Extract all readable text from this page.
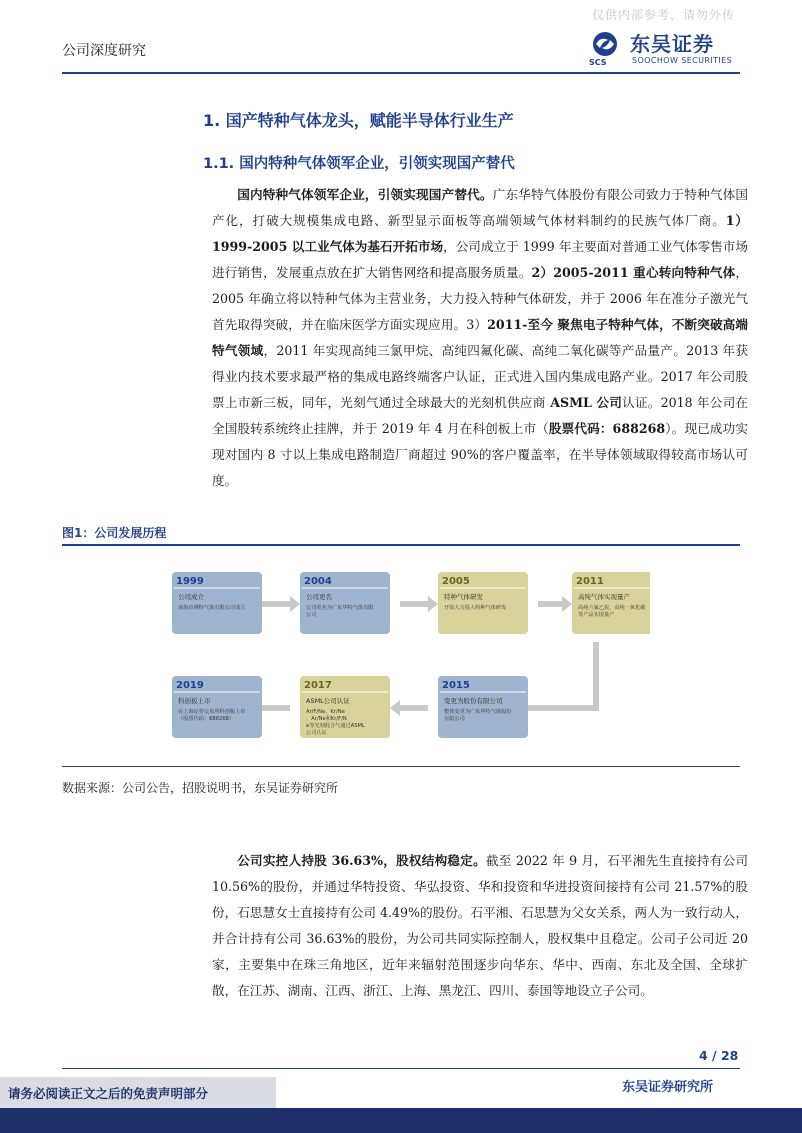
仅供内部参考，请勿外传
公司深度研究
SCS
东吴证券
SOOCHOW SECURITIES
1. 国产特种气体龙头，赋能半导体行业生产
1.1. 国内特种气体领军企业，引领实现国产替代
国内特种气体领军企业，引领实现国产替代。广东华特气体股份有限公司致力于特种气体国产化，打破大规模集成电路、新型显示面板等高端领域气体材料制约的民族气体厂商。1）1999-2005 以工业气体为基石开拓市场，公司成立于 1999 年主要面对普通工业气体零售市场进行销售，发展重点放在扩大销售网络和提高服务质量。2）2005-2011 重心转向特种气体，2005 年确立将以特种气体为主营业务，大力投入特种气体研发，并于 2006 年在准分子激光气首先取得突破，并在临床医学方面实现应用。3）2011-至今 聚焦电子特种气体，不断突破高端特气领域，2011 年实现高纯三氯甲烷、高纯四氟化碳、高纯二氧化碳等产品量产。2013 年获得业内技术要求最严格的集成电路终端客户认证，正式进入国内集成电路产业。2017 年公司股票上市新三板，同年，光刻气通过全球最大的光刻机供应商 ASML 公司认证。2018 年公司在全国股转系统终止挂牌，并于 2019 年 4 月在科创板上市（股票代码：688268）。现已成功实现对国内 8 寸以上集成电路制造厂商超过 90%的客户覆盖率，在半导体领域取得较高市场认可度。
图1：公司发展历程
1999
公司成立
南海市佛特气体有限公司成立
2004
公司更名
公司更名为广东华特气体有限公司
2005
特种气体研发
开始大力投入特种气体研发
2011
高纯气体实现量产
高纯六氟乙烷、高纯一氧化碳等产品实现量产
2015
变更为股份有限公司
整体变更为广东华特气体股份有限公司
2017
ASML公司认证
Ar/F/Ne、Kr/Ne 、Ar/Ne和Kr/F/N e等光刻混合气通过ASML 公司认证
2019
科创板上市
在上海证券交易所科创板上市（股票代码：688268）
数据来源：公司公告，招股说明书，东吴证券研究所
公司实控人持股 36.63%，股权结构稳定。截至 2022 年 9 月，石平湘先生直接持有公司 10.56%的股份，并通过华特投资、华弘投资、华和投资和华进投资间接持有公司 21.57%的股份，石思慧女士直接持有公司 4.49%的股份。石平湘、石思慧为父女关系，两人为一致行动人，并合计持有公司 36.63%的股份，为公司共同实际控制人，股权集中且稳定。公司子公司近 20 家，主要集中在珠三角地区，近年来辐射范围逐步向华东、华中、西南、东北及全国、全球扩散，在江苏、湖南、江西、浙江、上海、黑龙江、四川、泰国等地设立子公司。
4 / 28
东吴证券研究所
请务必阅读正文之后的免责声明部分
